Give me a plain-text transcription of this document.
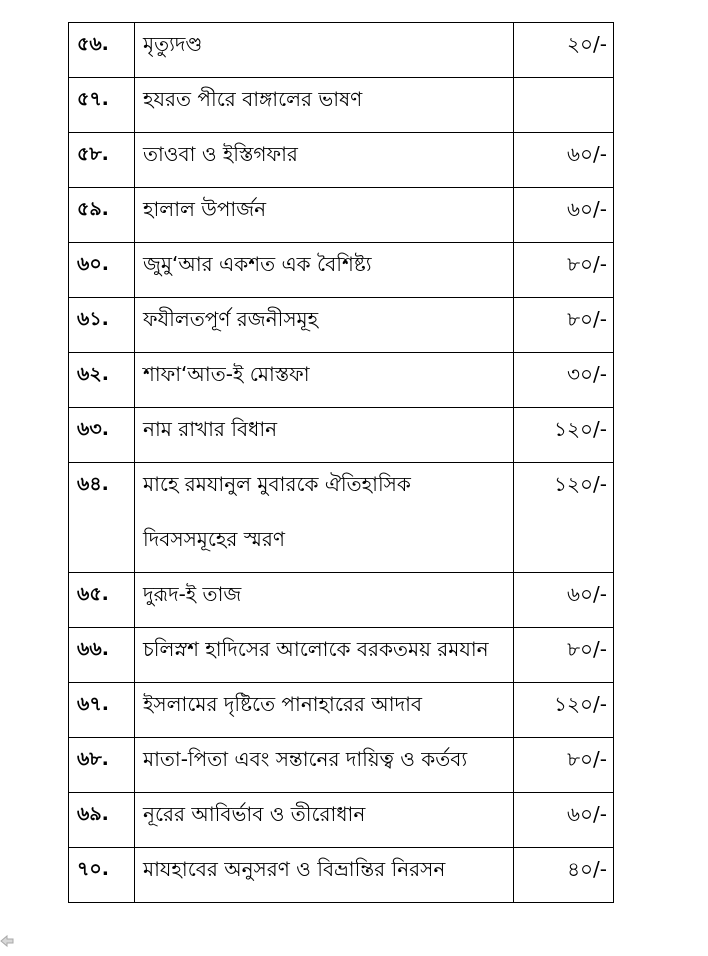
৫৬.	মৃত্যুদণ্ড	২০/-

৫৭.	হযরত পীরে বাঙ্গালের ভাষণ	

৫৮.	তাওবা ও ইস্তিগফার	৬০/-

৫৯.	হালাল উপার্জন	৬০/-

৬০.	জুমু‘আর একশত এক বৈশিষ্ট্য	৮০/-

৬১.	ফযীলতপূর্ণ রজনীসমূহ	৮০/-

৬২.	শাফা‘আত-ই মোস্তফা	৩০/-

৬৩.	নাম রাখার বিধান	১২০/-

৬৪.	মাহে রমযানুল মুবারকে ঐতিহাসিক
দিবসসমূহের স্মরণ	১২০/-

৬৫.	দুরূদ-ই তাজ	৬০/-

৬৬.	চলিস্নশ হাদিসের আলোকে বরকতময় রমযান	৮০/-

৬৭.	ইসলামের দৃষ্টিতে পানাহারের আদাব	১২০/-

৬৮.	মাতা-পিতা এবং সন্তানের দায়িত্ব ও কর্তব্য	৮০/-

৬৯.	নূরের আবির্ভাব ও তীরোধান	৬০/-

৭০.	মাযহাবের অনুসরণ ও বিভ্রান্তির নিরসন	৪০/-
